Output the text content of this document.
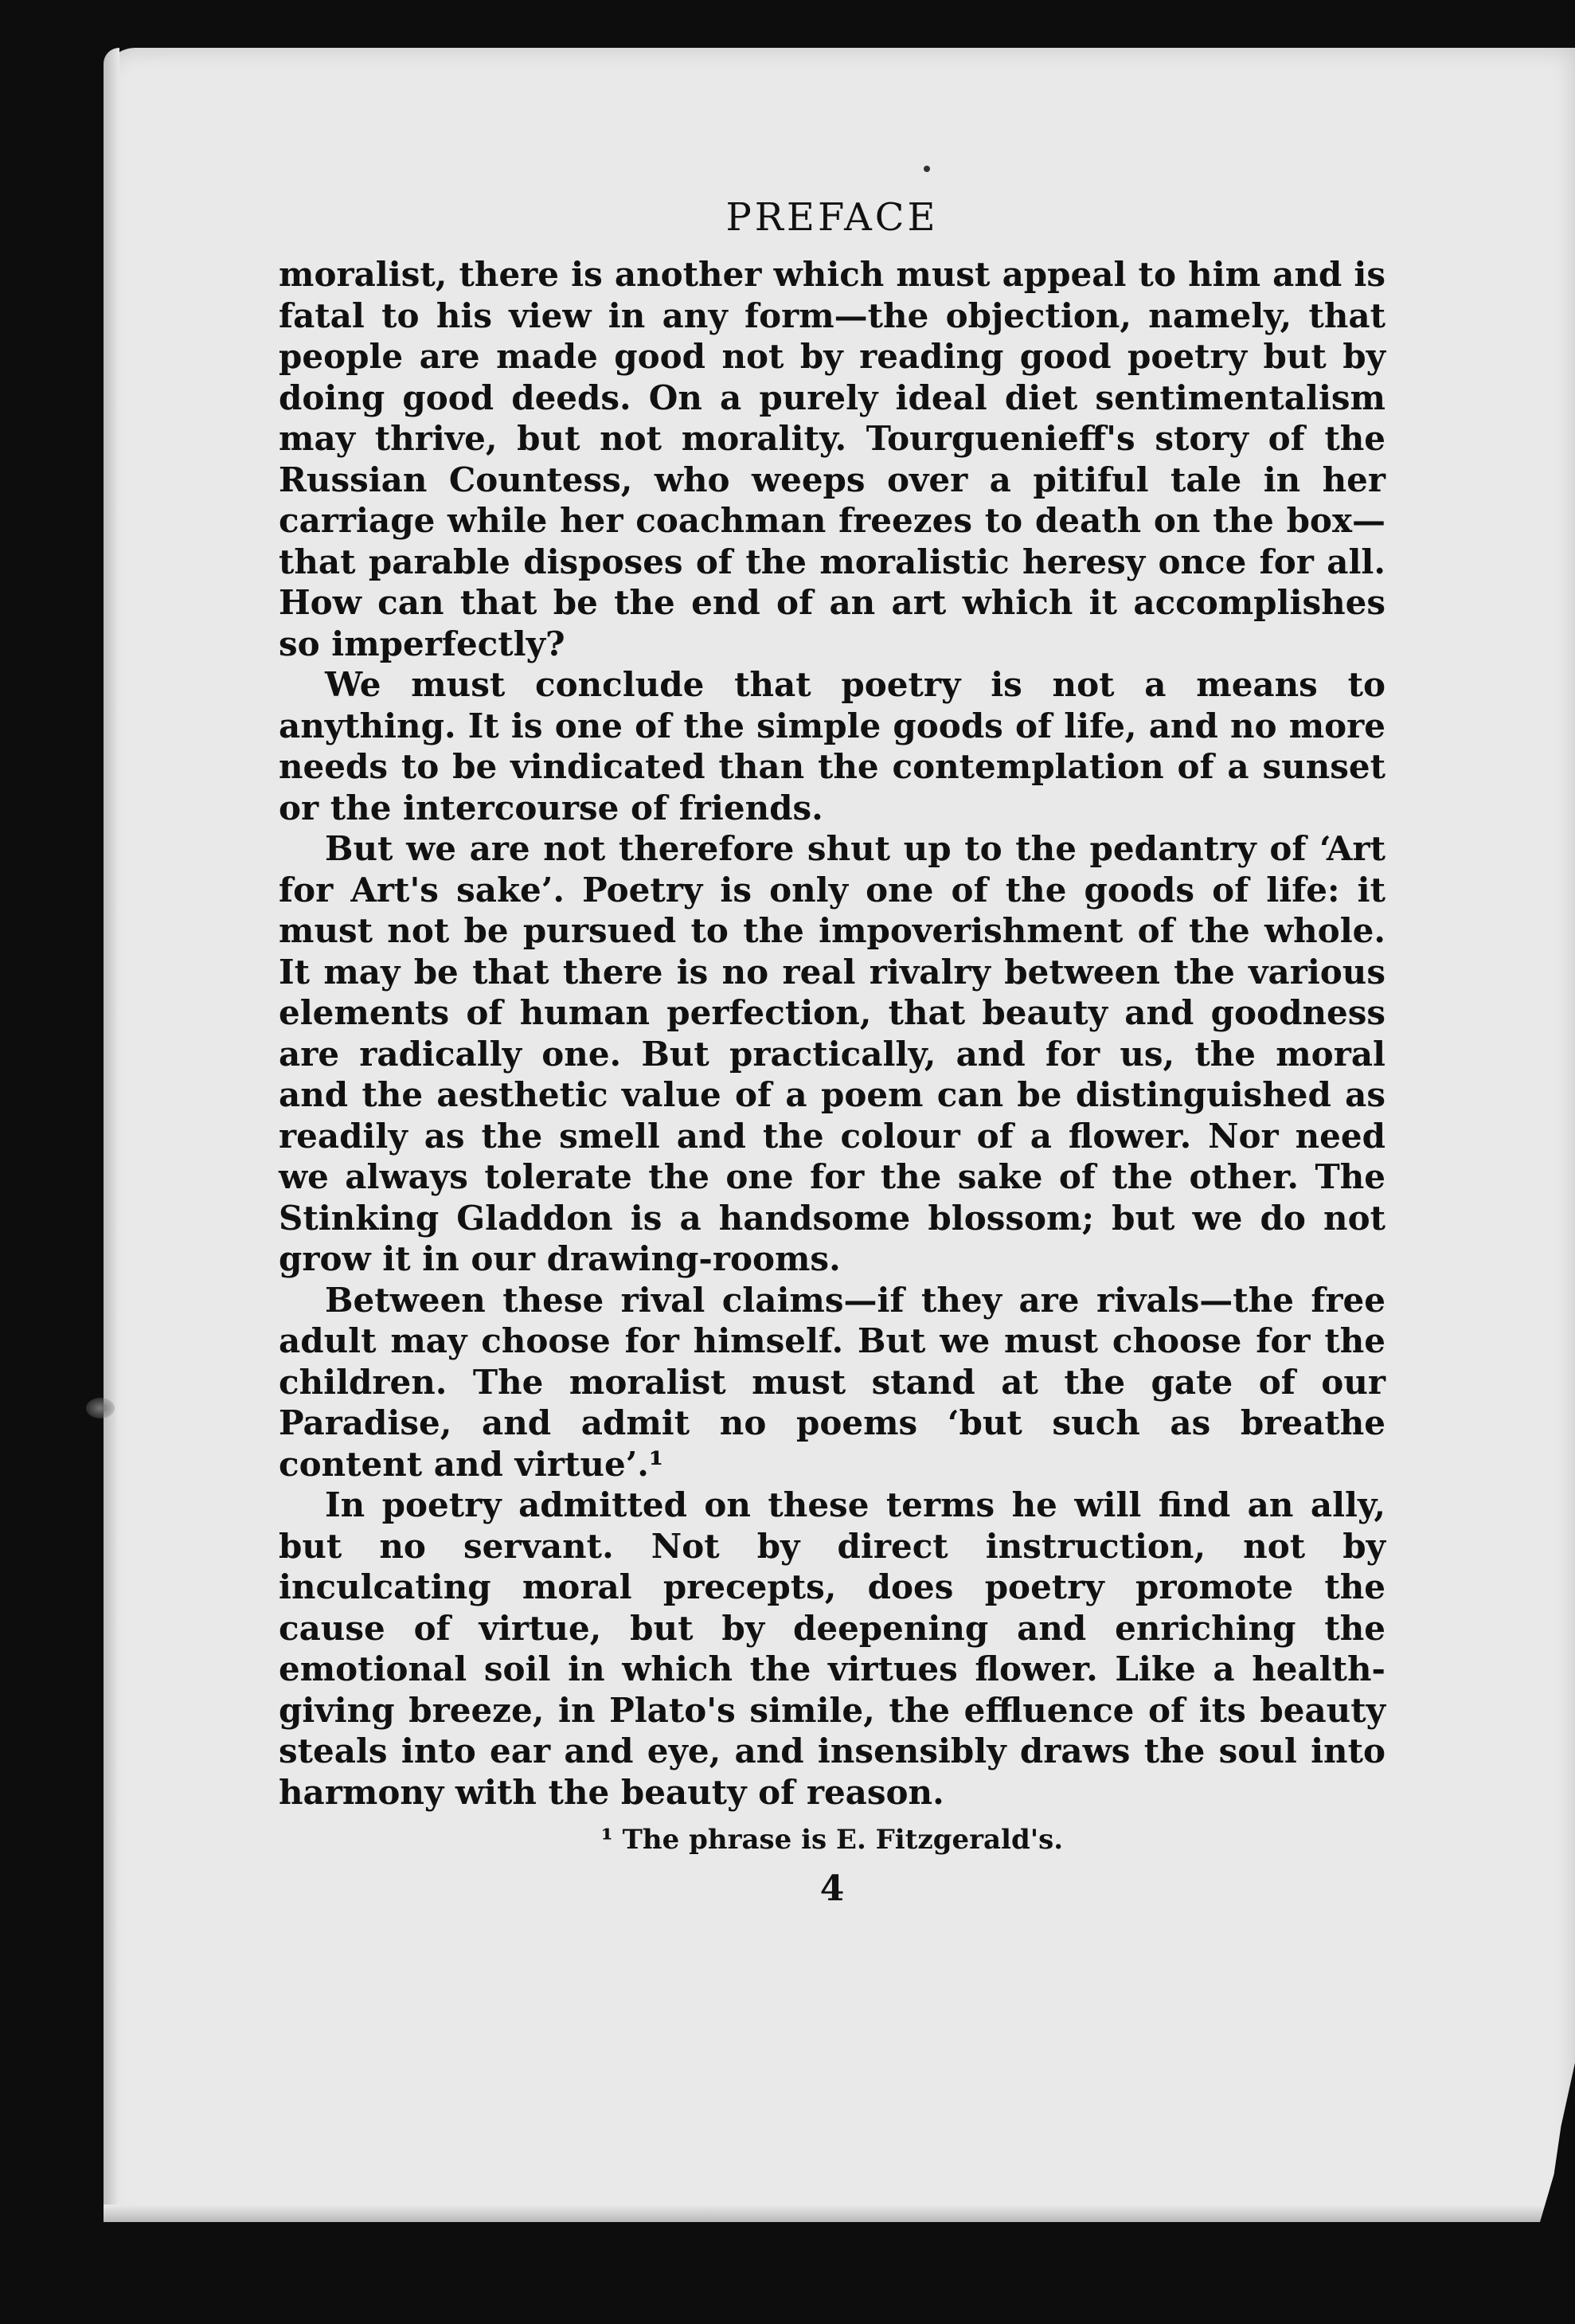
PREFACE

moralist, there is another which must appeal to him and is fatal to his view in any form—the objection, namely, that people are made good not by reading good poetry but by doing good deeds. On a purely ideal diet sentimentalism may thrive, but not morality. Tourguenieff's story of the Russian Countess, who weeps over a pitiful tale in her carriage while her coachman freezes to death on the box—that parable disposes of the moralistic heresy once for all. How can that be the end of an art which it accomplishes so imperfectly?

We must conclude that poetry is not a means to anything. It is one of the simple goods of life, and no more needs to be vindicated than the contemplation of a sunset or the intercourse of friends.

But we are not therefore shut up to the pedantry of ‘Art for Art's sake’. Poetry is only one of the goods of life: it must not be pursued to the impoverishment of the whole. It may be that there is no real rivalry between the various elements of human perfection, that beauty and goodness are radically one. But practically, and for us, the moral and the aesthetic value of a poem can be distinguished as readily as the smell and the colour of a flower. Nor need we always tolerate the one for the sake of the other. The Stinking Gladdon is a handsome blossom; but we do not grow it in our drawing-rooms.

Between these rival claims—if they are rivals—the free adult may choose for himself. But we must choose for the children. The moralist must stand at the gate of our Paradise, and admit no poems ‘but such as breathe content and virtue’.¹

In poetry admitted on these terms he will find an ally, but no servant. Not by direct instruction, not by inculcating moral precepts, does poetry promote the cause of virtue, but by deepening and enriching the emotional soil in which the virtues flower. Like a health-giving breeze, in Plato's simile, the effluence of its beauty steals into ear and eye, and insensibly draws the soul into harmony with the beauty of reason.

¹ The phrase is E. Fitzgerald's.

4
